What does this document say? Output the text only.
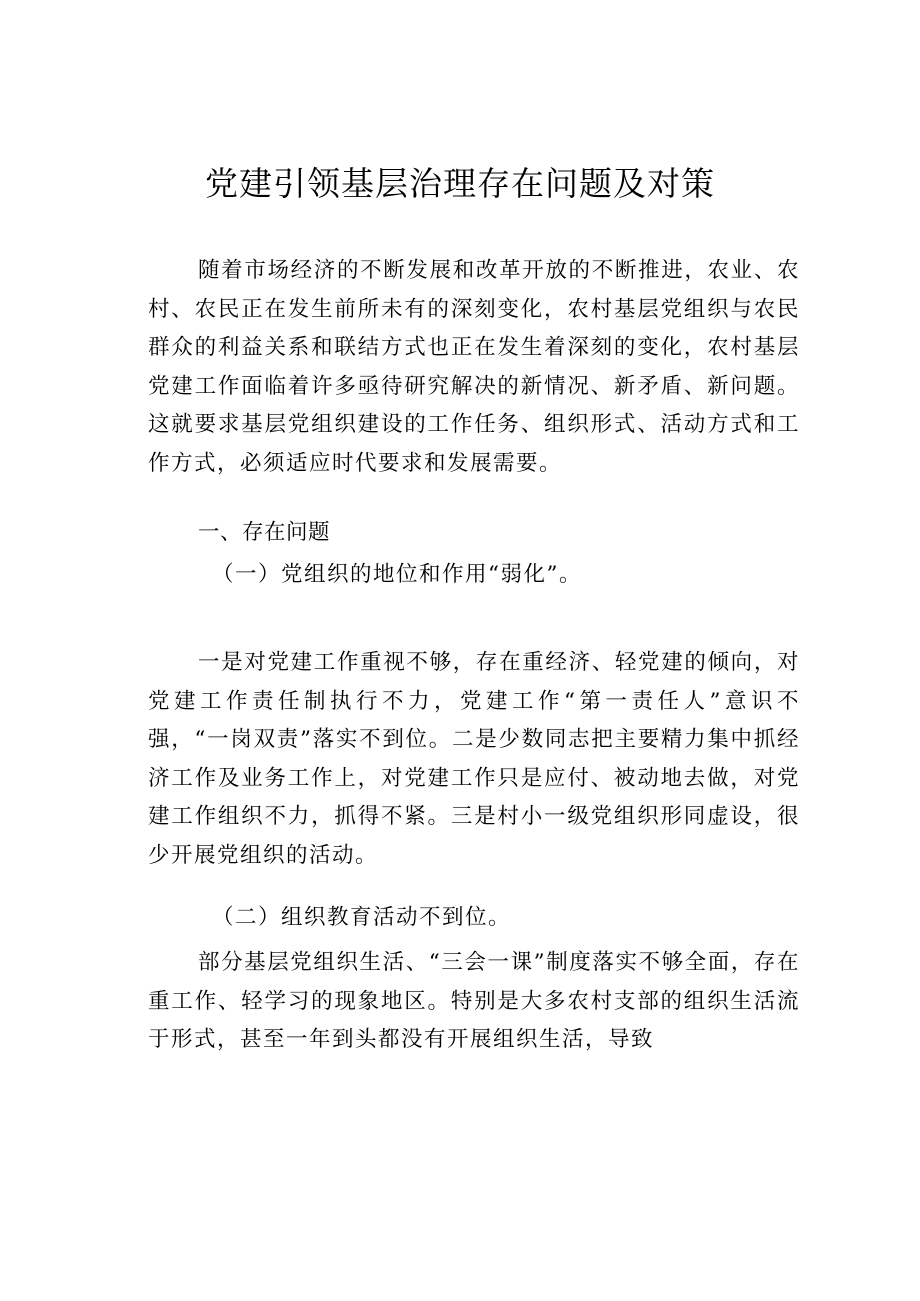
党建引领基层治理存在问题及对策

随着市场经济的不断发展和改革开放的不断推进，农业、农村、农民正在发生前所未有的深刻变化，农村基层党组织与农民群众的利益关系和联结方式也正在发生着深刻的变化，农村基层党建工作面临着许多亟待研究解决的新情况、新矛盾、新问题。这就要求基层党组织建设的工作任务、组织形式、活动方式和工作方式，必须适应时代要求和发展需要。

一、存在问题

（一）党组织的地位和作用“弱化”。

一是对党建工作重视不够，存在重经济、轻党建的倾向，对党建工作责任制执行不力，党建工作“第一责任人”意识不强，“一岗双责”落实不到位。二是少数同志把主要精力集中抓经济工作及业务工作上，对党建工作只是应付、被动地去做，对党建工作组织不力，抓得不紧。三是村小一级党组织形同虚设，很少开展党组织的活动。

（二）组织教育活动不到位。

部分基层党组织生活、“三会一课”制度落实不够全面，存在重工作、轻学习的现象地区。特别是大多农村支部的组织生活流于形式，甚至一年到头都没有开展组织生活，导致
